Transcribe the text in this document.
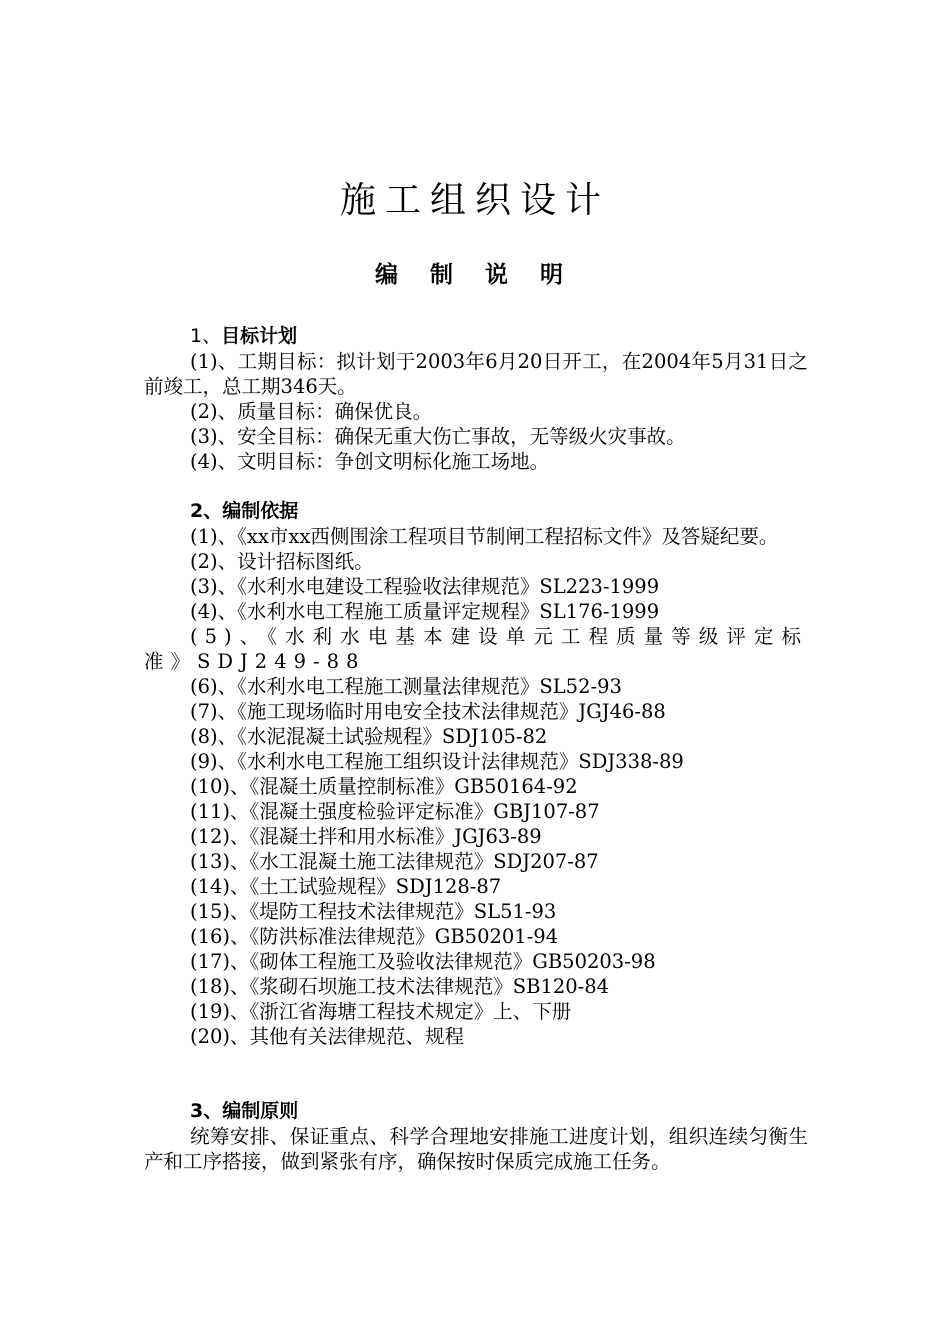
施工组织设计
编 制 说 明
1、目标计划
(1)、工期目标：拟计划于2003年6月20日开工，在2004年5月31日之前竣工，总工期346天。
(2)、质量目标：确保优良。
(3)、安全目标：确保无重大伤亡事故，无等级火灾事故。
(4)、文明目标：争创文明标化施工场地。
2、编制依据
(1)、《xx市xx西侧围涂工程项目节制闸工程招标文件》及答疑纪要。
(2)、设计招标图纸。
(3)、《水利水电建设工程验收法律规范》SL223-1999
(4)、《水利水电工程施工质量评定规程》SL176-1999
(5)、《水利水电基本建设单元工程质量等级评定标准》SDJ249-88
(6)、《水利水电工程施工测量法律规范》SL52-93
(7)、《施工现场临时用电安全技术法律规范》JGJ46-88
(8)、《水泥混凝土试验规程》SDJ105-82
(9)、《水利水电工程施工组织设计法律规范》SDJ338-89
(10)、《混凝土质量控制标准》GB50164-92
(11)、《混凝土强度检验评定标准》GBJ107-87
(12)、《混凝土拌和用水标准》JGJ63-89
(13)、《水工混凝土施工法律规范》SDJ207-87
(14)、《土工试验规程》SDJ128-87
(15)、《堤防工程技术法律规范》SL51-93
(16)、《防洪标准法律规范》GB50201-94
(17)、《砌体工程施工及验收法律规范》GB50203-98
(18)、《浆砌石坝施工技术法律规范》SB120-84
(19)、《浙江省海塘工程技术规定》上、下册
(20)、其他有关法律规范、规程
3、编制原则
统筹安排、保证重点、科学合理地安排施工进度计划，组织连续匀衡生产和工序搭接，做到紧张有序，确保按时保质完成施工任务。
